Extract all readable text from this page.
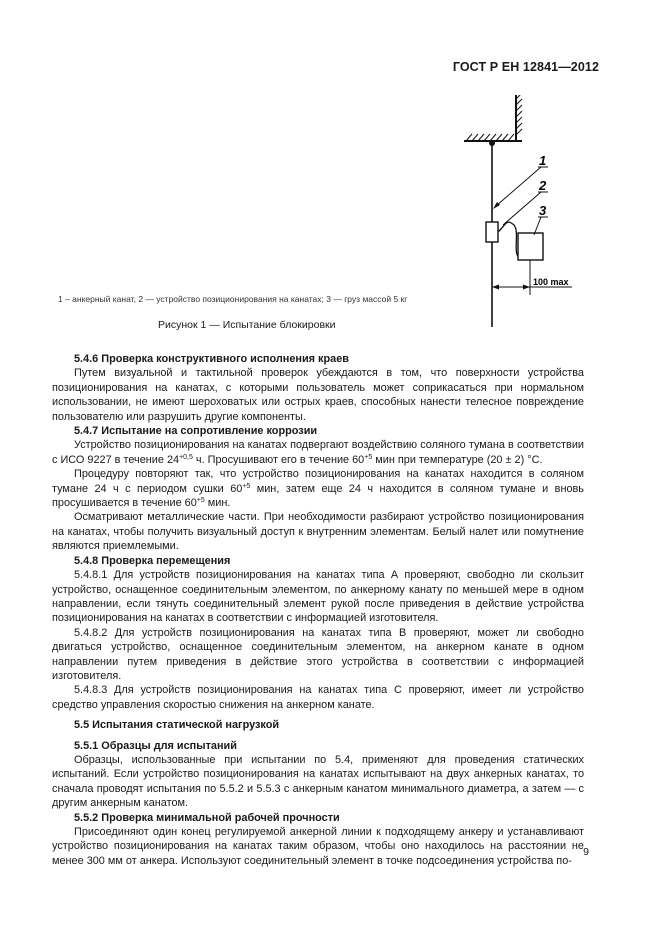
ГОСТ Р ЕН 12841—2012
1
2
3
100 max
1 – анкерный канат, 2 — устройство позиционирования на канатах; 3 — груз массой 5 кг
Рисунок 1 — Испытание блокировки

5.4.6 Проверка конструктивного исполнения краев

Путем визуальной и тактильной проверок убеждаются в том, что поверхности устройства позиционирования на канатах, с которыми пользователь может соприкасаться при нормальном использовании, не имеют шероховатых или острых краев, способных нанести телесное повреждение пользователю или разрушить другие компоненты.

5.4.7 Испытание на сопротивление коррозии

Устройство позиционирования на канатах подвергают воздействию соляного тумана в соответствии с ИСО 9227 в течение $24^{+0,5}$ ч. Просушивают его в течение $60^{+5}$ мин при температуре (20 ± 2) °C.

Процедуру повторяют так, что устройство позиционирования на канатах находится в соляном тумане 24 ч с периодом сушки $60^{+5}$ мин, затем еще 24 ч находится в соляном тумане и вновь просушивается в течение $60^{+5}$ мин.

Осматривают металлические части. При необходимости разбирают устройство позиционирования на канатах, чтобы получить визуальный доступ к внутренним элементам. Белый налет или помутнение являются приемлемыми.

5.4.8 Проверка перемещения

5.4.8.1 Для устройств позиционирования на канатах типа А проверяют, свободно ли скользит устройство, оснащенное соединительным элементом, по анкерному канату по меньшей мере в одном направлении, если тянуть соединительный элемент рукой после приведения в действие устройства позиционирования на канатах в соответствии с информацией изготовителя.

5.4.8.2 Для устройств позиционирования на канатах типа В проверяют, может ли свободно двигаться устройство, оснащенное соединительным элементом, на анкерном канате в одном направлении путем приведения в действие этого устройства в соответствии с информацией изготовителя.

5.4.8.3 Для устройств позиционирования на канатах типа С проверяют, имеет ли устройство средство управления скоростью снижения на анкерном канате.

5.5 Испытания статической нагрузкой

5.5.1 Образцы для испытаний

Образцы, использованные при испытании по 5.4, применяют для проведения статических испытаний. Если устройство позиционирования на канатах испытывают на двух анкерных канатах, то сначала проводят испытания по 5.5.2 и 5.5.3 с анкерным канатом минимального диаметра, а затем — с другим анкерным канатом.

5.5.2 Проверка минимальной рабочей прочности

Присоединяют один конец регулируемой анкерной линии к подходящему анкеру и устанавливают устройство позиционирования на канатах таким образом, чтобы оно находилось на расстоянии не менее 300 мм от анкера. Используют соединительный элемент в точке подсоединения устройства по-

9
